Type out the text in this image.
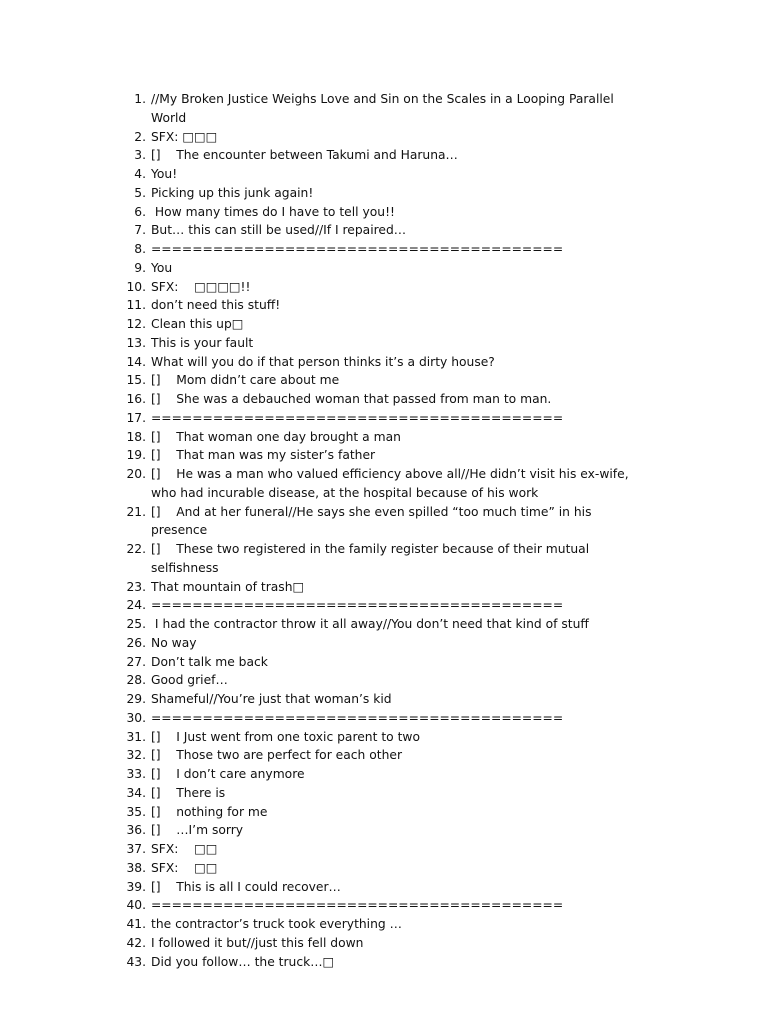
1. //My Broken Justice Weighs Love and Sin on the Scales in a Looping Parallel World
2. SFX: □□□
3. []    The encounter between Takumi and Haruna…
4. You!
5. Picking up this junk again!
6. How many times do I have to tell you!!
7. But… this can still be used//If I repaired…
8. ========================================
9. You
10. SFX:    □□□□!!
11. don’t need this stuff!
12. Clean this up□
13. This is your fault
14. What will you do if that person thinks it’s a dirty house?
15. []    Mom didn’t care about me
16. []    She was a debauched woman that passed from man to man.
17. ========================================
18. []    That woman one day brought a man
19. []    That man was my sister’s father
20. []    He was a man who valued efficiency above all//He didn’t visit his ex-wife, who had incurable disease, at the hospital because of his work
21. []    And at her funeral//He says she even spilled “too much time” in his presence
22. []    These two registered in the family register because of their mutual selfishness
23. That mountain of trash□
24. ========================================
25. I had the contractor throw it all away//You don’t need that kind of stuff
26. No way
27. Don’t talk me back
28. Good grief…
29. Shameful//You’re just that woman’s kid
30. ========================================
31. []    I Just went from one toxic parent to two
32. []    Those two are perfect for each other
33. []    I don’t care anymore
34. []    There is
35. []    nothing for me
36. []    …I’m sorry
37. SFX:    □□
38. SFX:    □□
39. []    This is all I could recover…
40. ========================================
41. the contractor’s truck took everything …
42. I followed it but//just this fell down
43. Did you follow… the truck…□
